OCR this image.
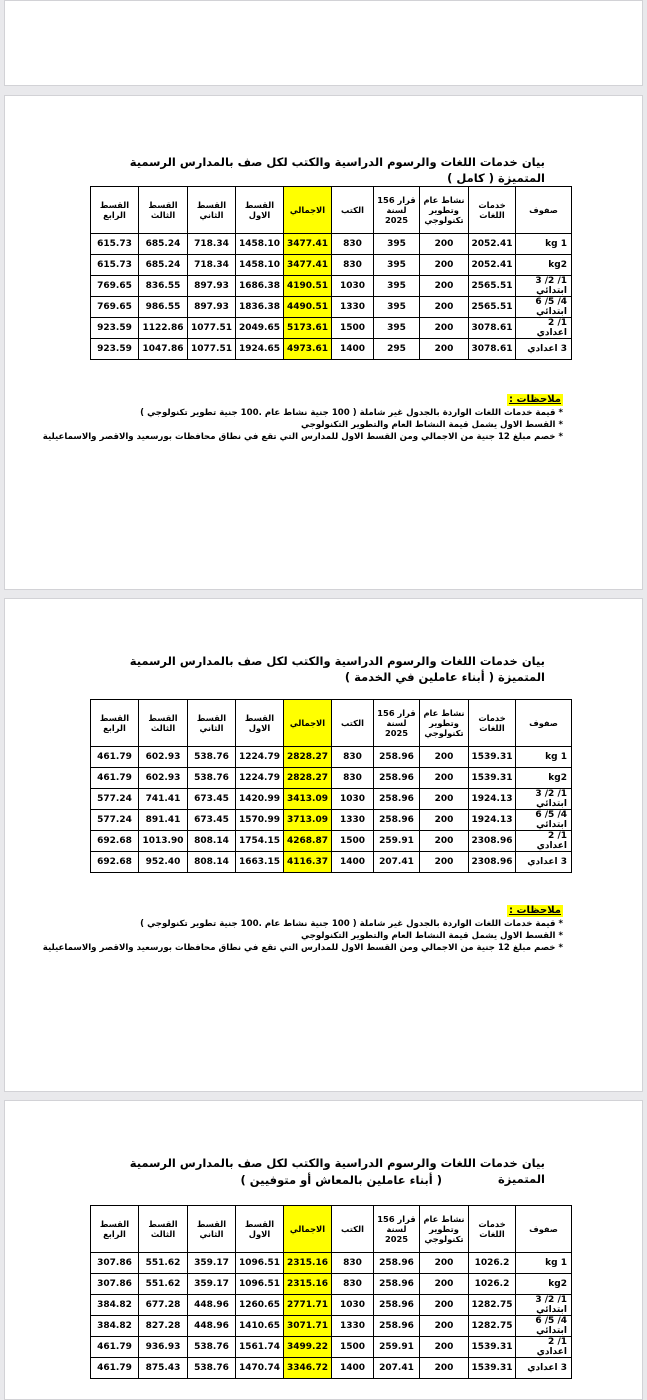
بيان خدمات اللغات والرسوم الدراسية والكتب لكل صف بالمدارس الرسمية المتميزة ( كامل )
صفوف	خدمات اللغات	نشاط عام وتطوير تكنولوجي	قرار 156 لسنة 2025	الكتب	الاجمالي	القسط الاول	القسط الثاني	القسط الثالث	القسط الرابع
kg 1	2052.41	200	395	830	3477.41	1458.10	718.34	685.24	615.73
kg2	2052.41	200	395	830	3477.41	1458.10	718.34	685.24	615.73
1/ 2/ 3 ابتدائي	2565.51	200	395	1030	4190.51	1686.38	897.93	836.55	769.65
4/ 5/ 6 ابتدائي	2565.51	200	395	1330	4490.51	1836.38	897.93	986.55	769.65
1/ 2 اعدادي	3078.61	200	395	1500	5173.61	2049.65	1077.51	1122.86	923.59
3 اعدادي	3078.61	200	295	1400	4973.61	1924.65	1077.51	1047.86	923.59
ملاحظات :
* قيمة خدمات اللغات الواردة بالجدول غير شاملة ( 100 جنية نشاط عام .100 جنية تطوير تكنولوجي )
* القسط الاول يشمل قيمة النشاط العام والتطوير التكنولوجي
* خصم مبلغ 12 جنية من الاجمالي ومن القسط الاول للمدارس التي تقع في نطاق محافظات بورسعيد والاقصر والاسماعيلية
بيان خدمات اللغات والرسوم الدراسية والكتب لكل صف بالمدارس الرسمية المتميزة ( أبناء عاملين في الخدمة )
صفوف	خدمات اللغات	نشاط عام وتطوير تكنولوجي	قرار 156 لسنة 2025	الكتب	الاجمالي	القسط الاول	القسط الثاني	القسط الثالث	القسط الرابع
kg 1	1539.31	200	258.96	830	2828.27	1224.79	538.76	602.93	461.79
kg2	1539.31	200	258.96	830	2828.27	1224.79	538.76	602.93	461.79
1/ 2/ 3 ابتدائي	1924.13	200	258.96	1030	3413.09	1420.99	673.45	741.41	577.24
4/ 5/ 6 ابتدائي	1924.13	200	258.96	1330	3713.09	1570.99	673.45	891.41	577.24
1/ 2 اعدادي	2308.96	200	259.91	1500	4268.87	1754.15	808.14	1013.90	692.68
3 اعدادي	2308.96	200	207.41	1400	4116.37	1663.15	808.14	952.40	692.68
ملاحظات :
* قيمة خدمات اللغات الواردة بالجدول غير شاملة ( 100 جنية نشاط عام .100 جنية تطوير تكنولوجي )
* القسط الاول يشمل قيمة النشاط العام والتطوير التكنولوجي
* خصم مبلغ 12 جنية من الاجمالي ومن القسط الاول للمدارس التي تقع في نطاق محافظات بورسعيد والاقصر والاسماعيلية
بيان خدمات اللغات والرسوم الدراسية والكتب لكل صف بالمدارس الرسمية المتميزة
( أبناء عاملين بالمعاش أو متوفيين )
صفوف	خدمات اللغات	نشاط عام وتطوير تكنولوجي	قرار 156 لسنة 2025	الكتب	الاجمالي	القسط الاول	القسط الثاني	القسط الثالث	القسط الرابع
kg 1	1026.2	200	258.96	830	2315.16	1096.51	359.17	551.62	307.86
kg2	1026.2	200	258.96	830	2315.16	1096.51	359.17	551.62	307.86
1/ 2/ 3 ابتدائي	1282.75	200	258.96	1030	2771.71	1260.65	448.96	677.28	384.82
4/ 5/ 6 ابتدائي	1282.75	200	258.96	1330	3071.71	1410.65	448.96	827.28	384.82
1/ 2 اعدادي	1539.31	200	259.91	1500	3499.22	1561.74	538.76	936.93	461.79
3 اعدادي	1539.31	200	207.41	1400	3346.72	1470.74	538.76	875.43	461.79
